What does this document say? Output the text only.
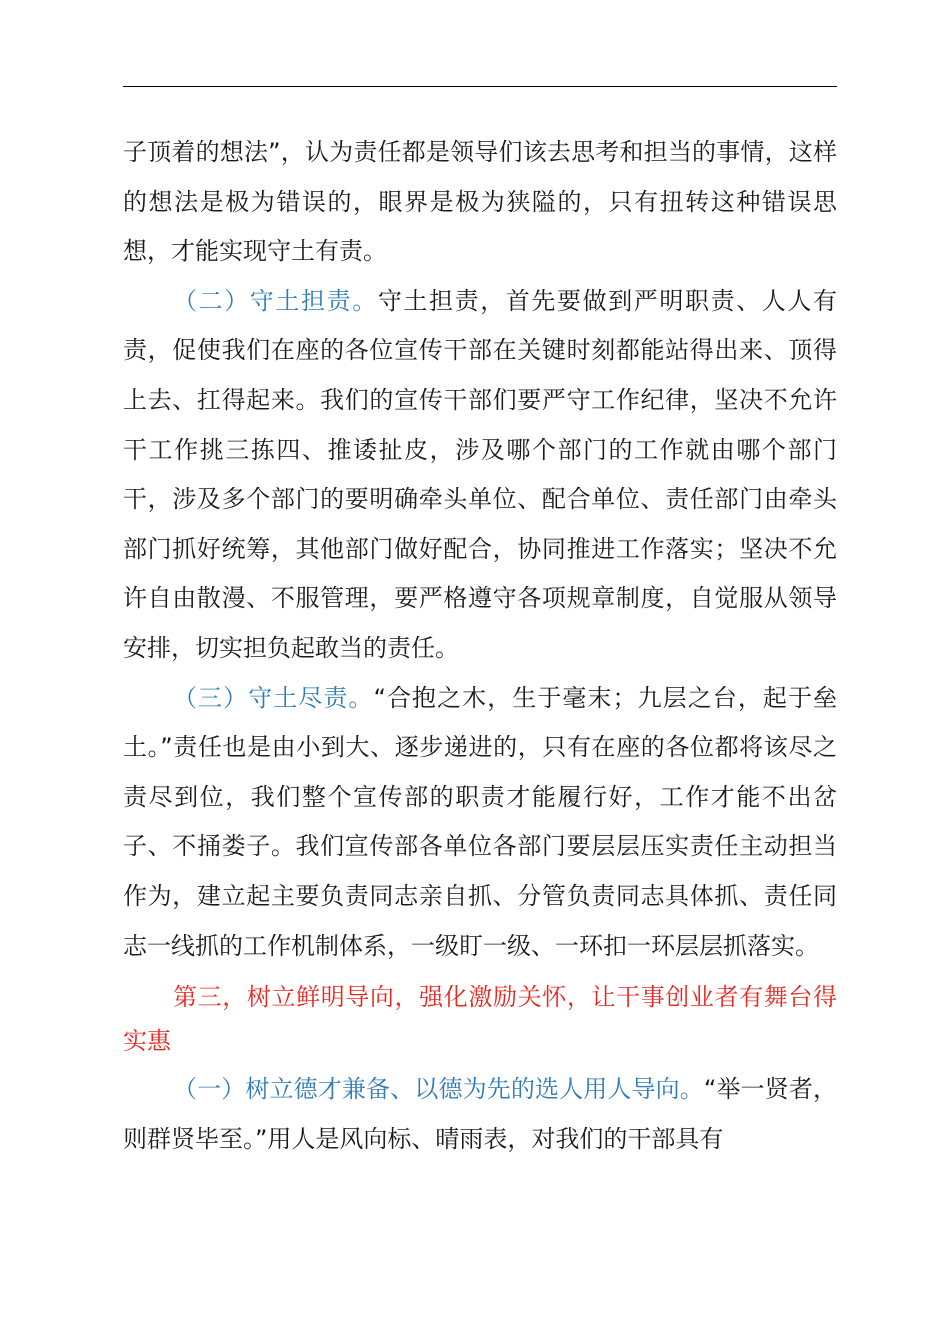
子顶着的想法”，认为责任都是领导们该去思考和担当的事情，这样的想法是极为错误的，眼界是极为狭隘的，只有扭转这种错误思想，才能实现守土有责。

（二）守土担责。守土担责，首先要做到严明职责、人人有责，促使我们在座的各位宣传干部在关键时刻都能站得出来、顶得上去、扛得起来。我们的宣传干部们要严守工作纪律，坚决不允许干工作挑三拣四、推诿扯皮，涉及哪个部门的工作就由哪个部门干，涉及多个部门的要明确牵头单位、配合单位、责任部门由牵头部门抓好统筹，其他部门做好配合，协同推进工作落实；坚决不允许自由散漫、不服管理，要严格遵守各项规章制度，自觉服从领导安排，切实担负起敢当的责任。

（三）守土尽责。“合抱之木，生于毫末；九层之台，起于垒土。”责任也是由小到大、逐步递进的，只有在座的各位都将该尽之责尽到位，我们整个宣传部的职责才能履行好，工作才能不出岔子、不捅娄子。我们宣传部各单位各部门要层层压实责任主动担当作为，建立起主要负责同志亲自抓、分管负责同志具体抓、责任同志一线抓的工作机制体系，一级盯一级、一环扣一环层层抓落实。

第三，树立鲜明导向，强化激励关怀，让干事创业者有舞台得实惠

（一）树立德才兼备、以德为先的选人用人导向。“举一贤者，则群贤毕至。”用人是风向标、晴雨表，对我们的干部具有
